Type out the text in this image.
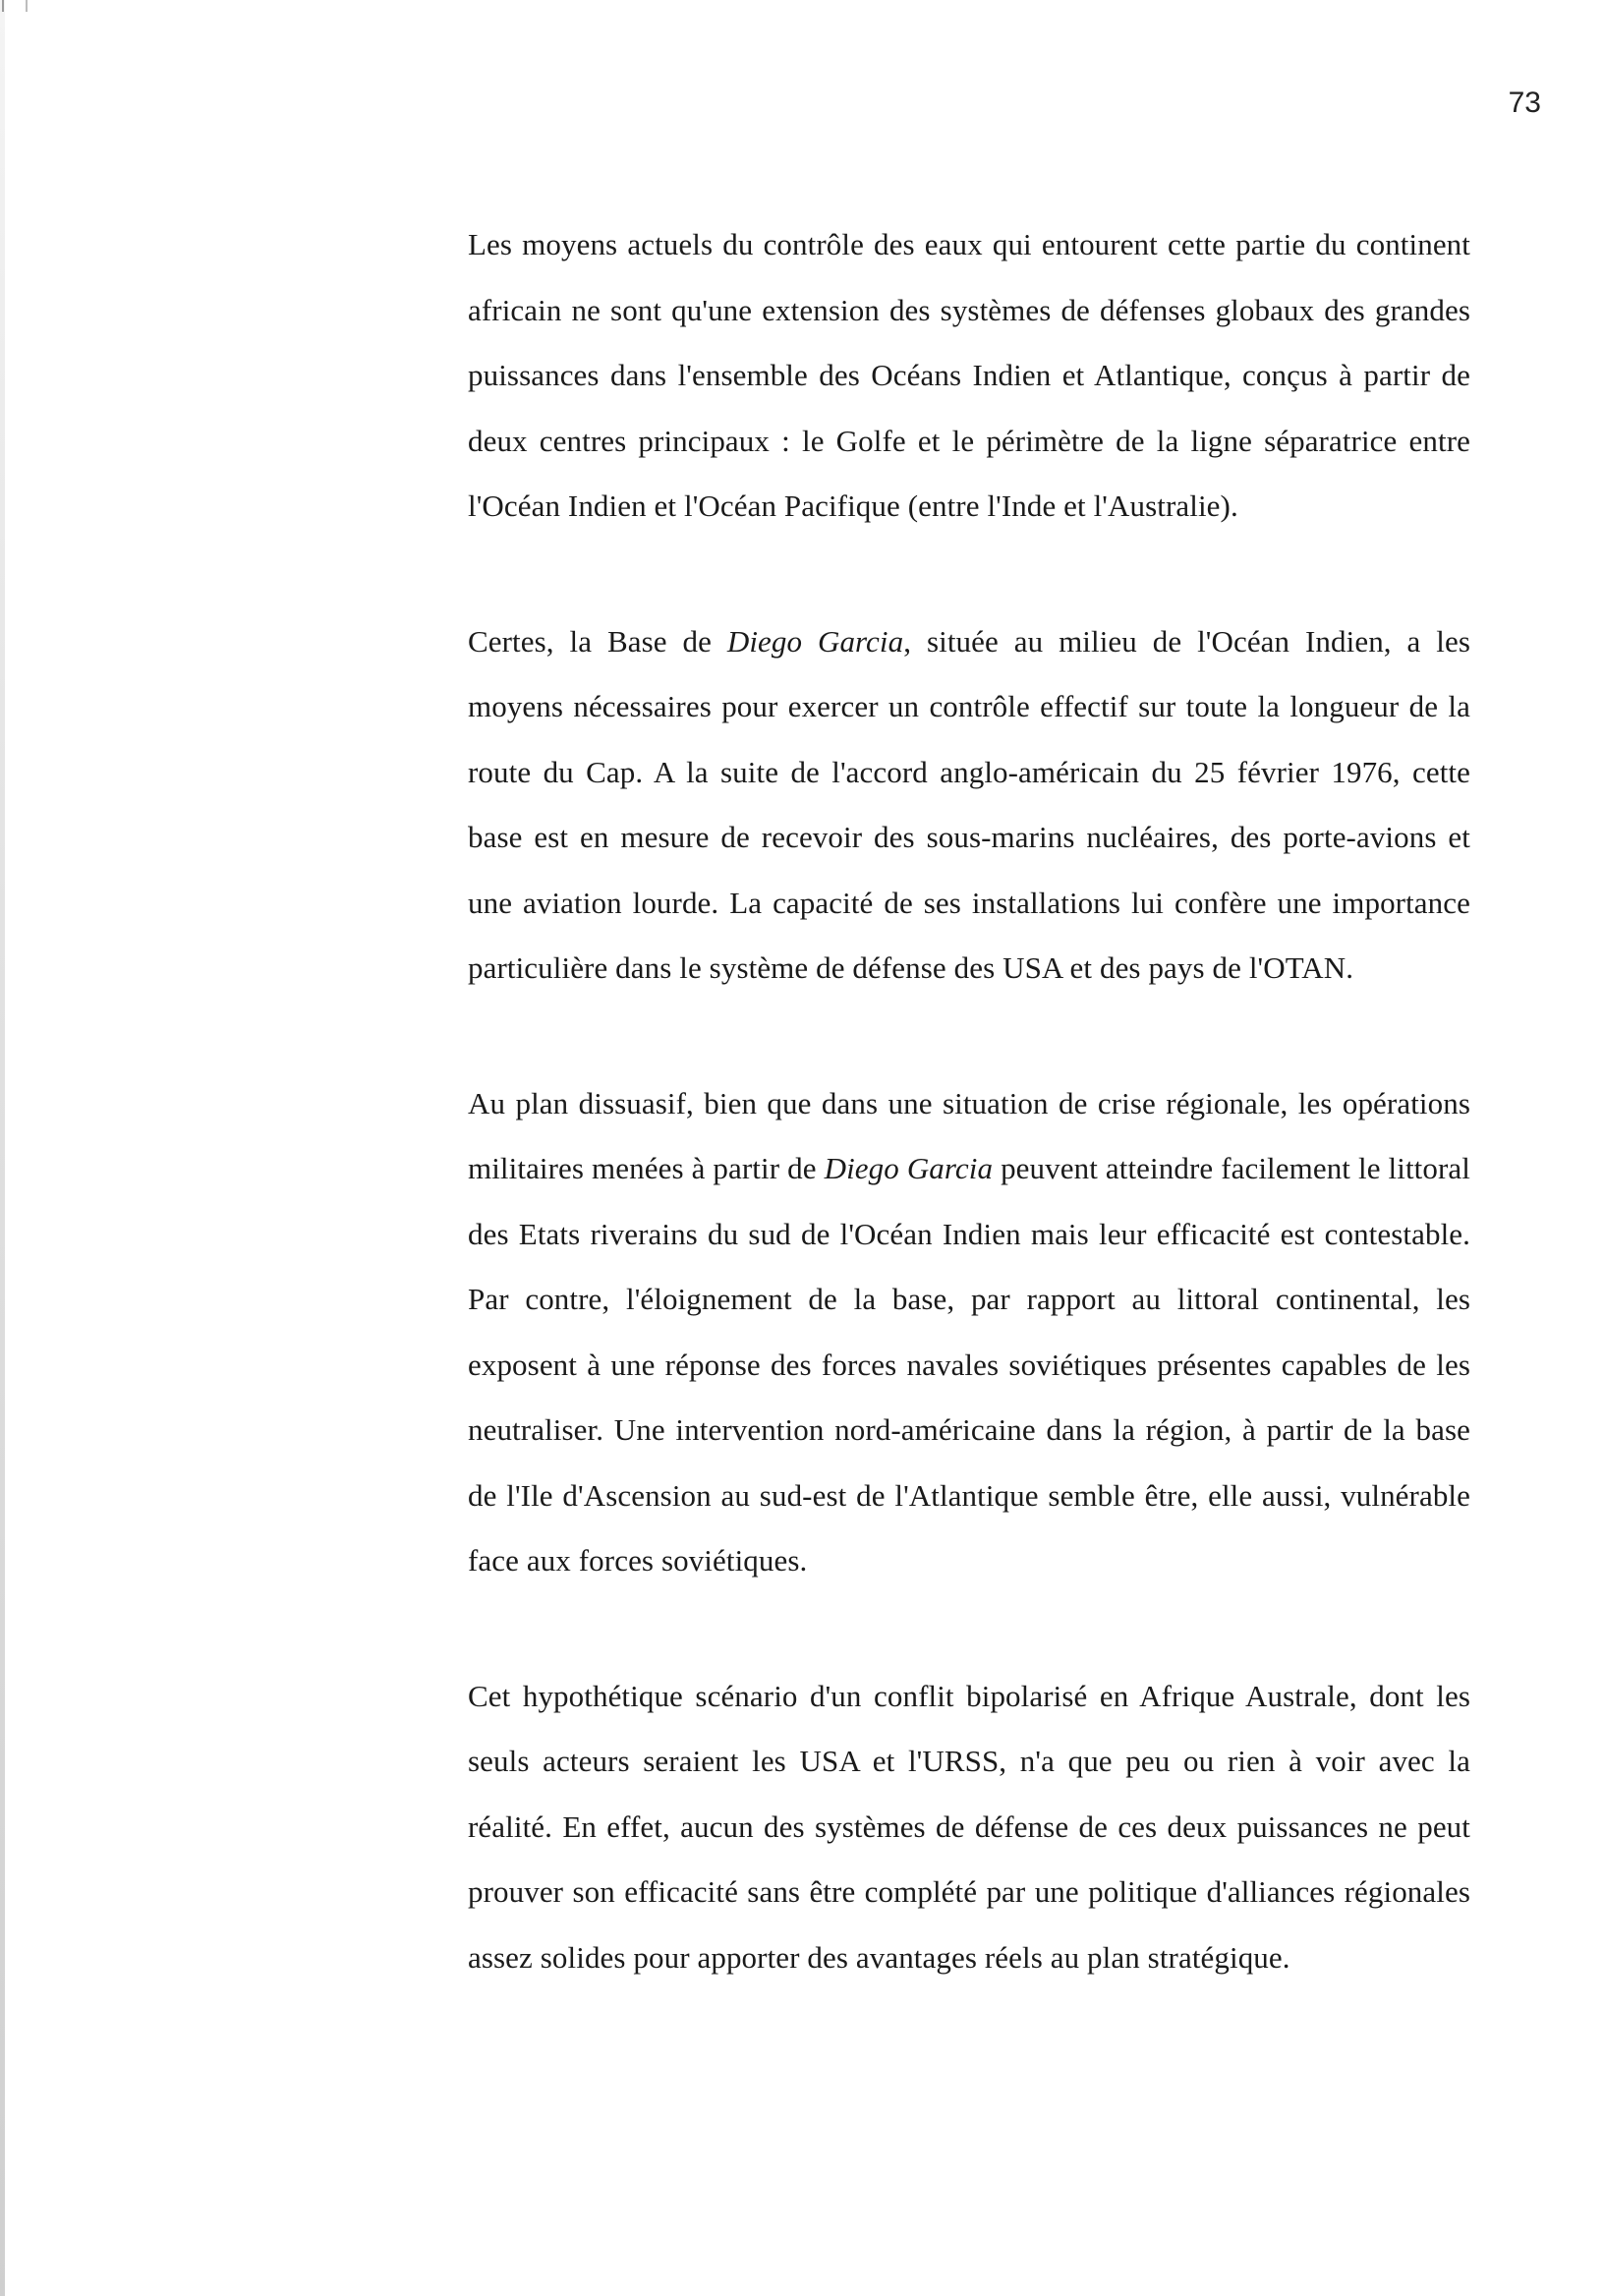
73

Les moyens actuels du contrôle des eaux qui entourent cette partie du continent africain ne sont qu'une extension des systèmes de défenses globaux des grandes puissances dans l'ensemble des Océans Indien et Atlantique, conçus à partir de deux centres principaux : le Golfe et le périmètre de la ligne séparatrice entre l'Océan Indien et l'Océan Pacifique (entre l'Inde et l'Australie).

Certes, la Base de Diego Garcia, située au milieu de l'Océan Indien, a les moyens nécessaires pour exercer un contrôle effectif sur toute la longueur de la route du Cap. A la suite de l'accord anglo-américain du 25 février 1976, cette base est en mesure de recevoir des sous-marins nucléaires, des porte-avions et une aviation lourde. La capacité de ses installations lui confère une importance particulière dans le système de défense des USA et des pays de l'OTAN.

Au plan dissuasif, bien que dans une situation de crise régionale, les opérations militaires menées à partir de Diego Garcia peuvent atteindre facilement le littoral des Etats riverains du sud de l'Océan Indien mais leur efficacité est contestable. Par contre, l'éloignement de la base, par rapport au littoral continental, les exposent à une réponse des forces navales soviétiques présentes capables de les neutraliser. Une intervention nord-américaine dans la région, à partir de la base de l'Ile d'Ascension au sud-est de l'Atlantique semble être, elle aussi, vulnérable face aux forces soviétiques.

Cet hypothétique scénario d'un conflit bipolarisé en Afrique Australe, dont les seuls acteurs seraient les USA et l'URSS, n'a que peu ou rien à voir avec la réalité. En effet, aucun des systèmes de défense de ces deux puissances ne peut prouver son efficacité sans être complété par une politique d'alliances régionales assez solides pour apporter des avantages réels au plan stratégique.
